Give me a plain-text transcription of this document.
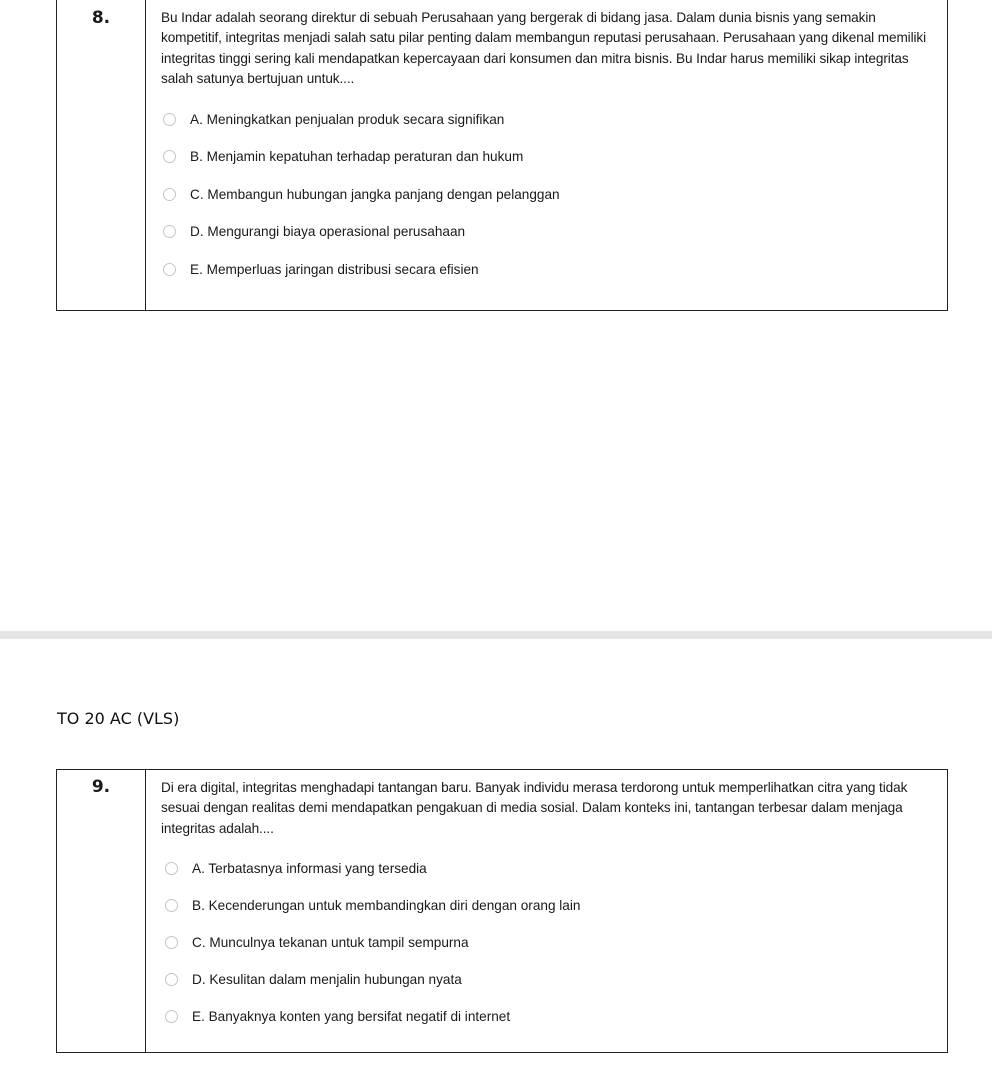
8.	Bu Indar adalah seorang direktur di sebuah Perusahaan yang bergerak di bidang jasa. Dalam dunia bisnis yang semakin kompetitif, integritas menjadi salah satu pilar penting dalam membangun reputasi perusahaan. Perusahaan yang dikenal memiliki integritas tinggi sering kali mendapatkan kepercayaan dari konsumen dan mitra bisnis. Bu Indar harus memiliki sikap integritas salah satunya bertujuan untuk....

A. Meningkatkan penjualan produk secara signifikan
B. Menjamin kepatuhan terhadap peraturan dan hukum
C. Membangun hubungan jangka panjang dengan pelanggan
D. Mengurangi biaya operasional perusahaan
E. Memperluas jaringan distribusi secara efisien
TO 20 AC (VLS)
9.	Di era digital, integritas menghadapi tantangan baru. Banyak individu merasa terdorong untuk memperlihatkan citra yang tidak sesuai dengan realitas demi mendapatkan pengakuan di media sosial. Dalam konteks ini, tantangan terbesar dalam menjaga integritas adalah....

A. Terbatasnya informasi yang tersedia
B. Kecenderungan untuk membandingkan diri dengan orang lain
C. Munculnya tekanan untuk tampil sempurna
D. Kesulitan dalam menjalin hubungan nyata
E. Banyaknya konten yang bersifat negatif di internet
